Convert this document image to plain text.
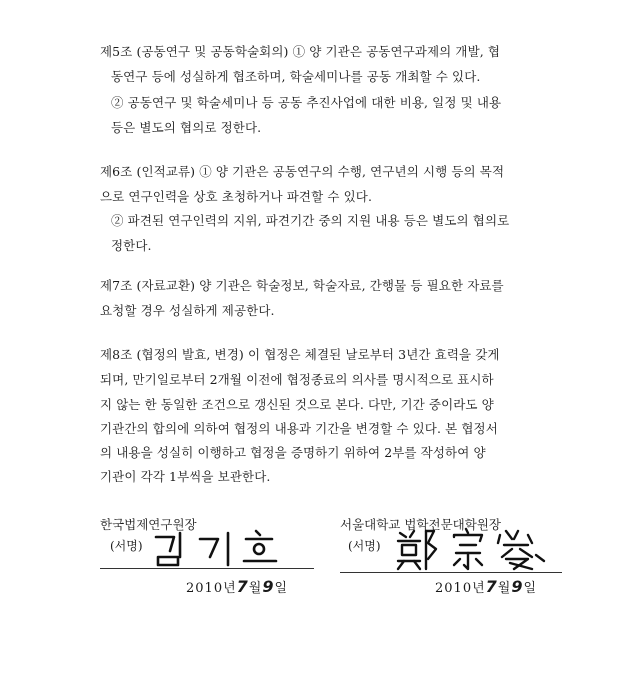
제5조 (공동연구 및 공동학술회의) ① 양 기관은 공동연구과제의 개발, 협
동연구 등에 성실하게 협조하며, 학술세미나를 공동 개최할 수 있다.
② 공동연구 및 학술세미나 등 공동 추진사업에 대한 비용, 일정 및 내용
등은 별도의 협의로 정한다.
제6조 (인적교류) ① 양 기관은 공동연구의 수행, 연구년의 시행 등의 목적
으로 연구인력을 상호 초청하거나 파견할 수 있다.
② 파견된 연구인력의 지위, 파견기간 중의 지원 내용 등은 별도의 협의로
정한다.
제7조 (자료교환) 양 기관은 학술정보, 학술자료, 간행물 등 필요한 자료를
요청할 경우 성실하게 제공한다.
제8조 (협정의 발효, 변경) 이 협정은 체결된 날로부터 3년간 효력을 갖게
되며, 만기일로부터 2개월 이전에 협정종료의 의사를 명시적으로 표시하
지 않는 한 동일한 조건으로 갱신된 것으로 본다. 다만, 기간 중이라도 양
기관간의 합의에 의하여 협정의 내용과 기간을 변경할 수 있다. 본 협정서
의 내용을 성실히 이행하고 협정을 증명하기 위하여 2부를 작성하여 양
기관이 각각 1부씩을 보관한다.
한국법제연구원장
(서명)
2010년7월9일
서울대학교 법학전문대학원장
(서명)
2010년7월9일
